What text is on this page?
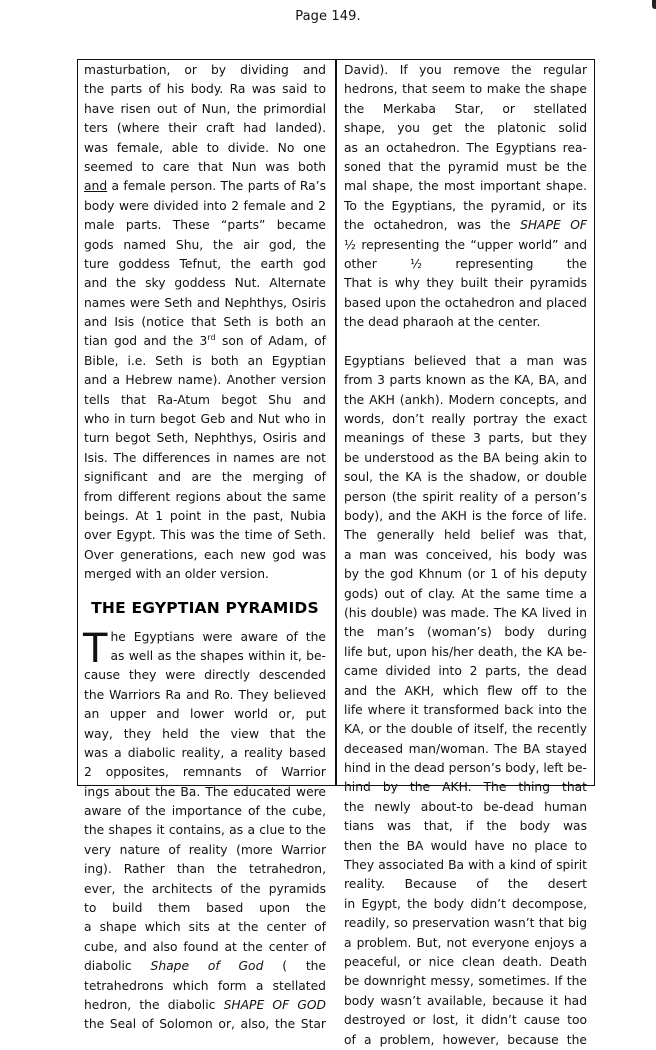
Page 149.
masturbation, or by dividing and
the parts of his body. Ra was said to
have risen out of Nun, the primordial
ters (where their craft had landed).
was female, able to divide. No one
seemed to care that Nun was both
and a female person. The parts of Ra’s
body were divided into 2 female and 2
male parts. These “parts” became
gods named Shu, the air god, the
ture goddess Tefnut, the earth god
and the sky goddess Nut. Alternate
names were Seth and Nephthys, Osiris
and Isis (notice that Seth is both an
tian god and the 3rd son of Adam, of
Bible, i.e. Seth is both an Egyptian
and a Hebrew name). Another version
tells that Ra-Atum begot Shu and
who in turn begot Geb and Nut who in
turn begot Seth, Nephthys, Osiris and
Isis. The differences in names are not
significant and are the merging of
from different regions about the same
beings. At 1 point in the past, Nubia
over Egypt. This was the time of Seth.
Over generations, each new god was
merged with an older version.
THE EGYPTIAN PYRAMIDS
T he Egyptians were aware of the
as well as the shapes within it, be-
cause they were directly descended
the Warriors Ra and Ro. They believed
an upper and lower world or, put
way, they held the view that the
was a diabolic reality, a reality based
2 opposites, remnants of Warrior
ings about the Ba. The educated were
aware of the importance of the cube,
the shapes it contains, as a clue to the
very nature of reality (more Warrior
ing). Rather than the tetrahedron,
ever, the architects of the pyramids
to build them based upon the
a shape which sits at the center of
cube, and also found at the center of
diabolic Shape of God ( the
tetrahedrons which form a stellated
hedron, the diabolic SHAPE OF GOD
the Seal of Solomon or, also, the Star
David). If you remove the regular
hedrons, that seem to make the shape
the Merkaba Star, or stellated
shape, you get the platonic solid
as an octahedron. The Egyptians rea-
soned that the pyramid must be the
mal shape, the most important shape.
To the Egyptians, the pyramid, or its
the octahedron, was the SHAPE OF
½ representing the “upper world” and
other ½ representing the
That is why they built their pyramids
based upon the octahedron and placed
the dead pharaoh at the center.
Egyptians believed that a man was
from 3 parts known as the KA, BA, and
the AKH (ankh). Modern concepts, and
words, don’t really portray the exact
meanings of these 3 parts, but they
be understood as the BA being akin to
soul, the KA is the shadow, or double
person (the spirit reality of a person’s
body), and the AKH is the force of life.
The generally held belief was that,
a man was conceived, his body was
by the god Khnum (or 1 of his deputy
gods) out of clay. At the same time a
(his double) was made. The KA lived in
the man’s (woman’s) body during
life but, upon his/her death, the KA be-
came divided into 2 parts, the dead
and the AKH, which flew off to the
life where it transformed back into the
KA, or the double of itself, the recently
deceased man/woman. The BA stayed
hind in the dead person’s body, left be-
hind by the AKH. The thing that
the newly about-to be-dead human
tians was that, if the body was
then the BA would have no place to
They associated Ba with a kind of spirit
reality. Because of the desert
in Egypt, the body didn’t decompose,
readily, so preservation wasn’t that big
a problem. But, not everyone enjoys a
peaceful, or nice clean death. Death
be downright messy, sometimes. If the
body wasn’t available, because it had
destroyed or lost, it didn’t cause too
of a problem, however, because the
